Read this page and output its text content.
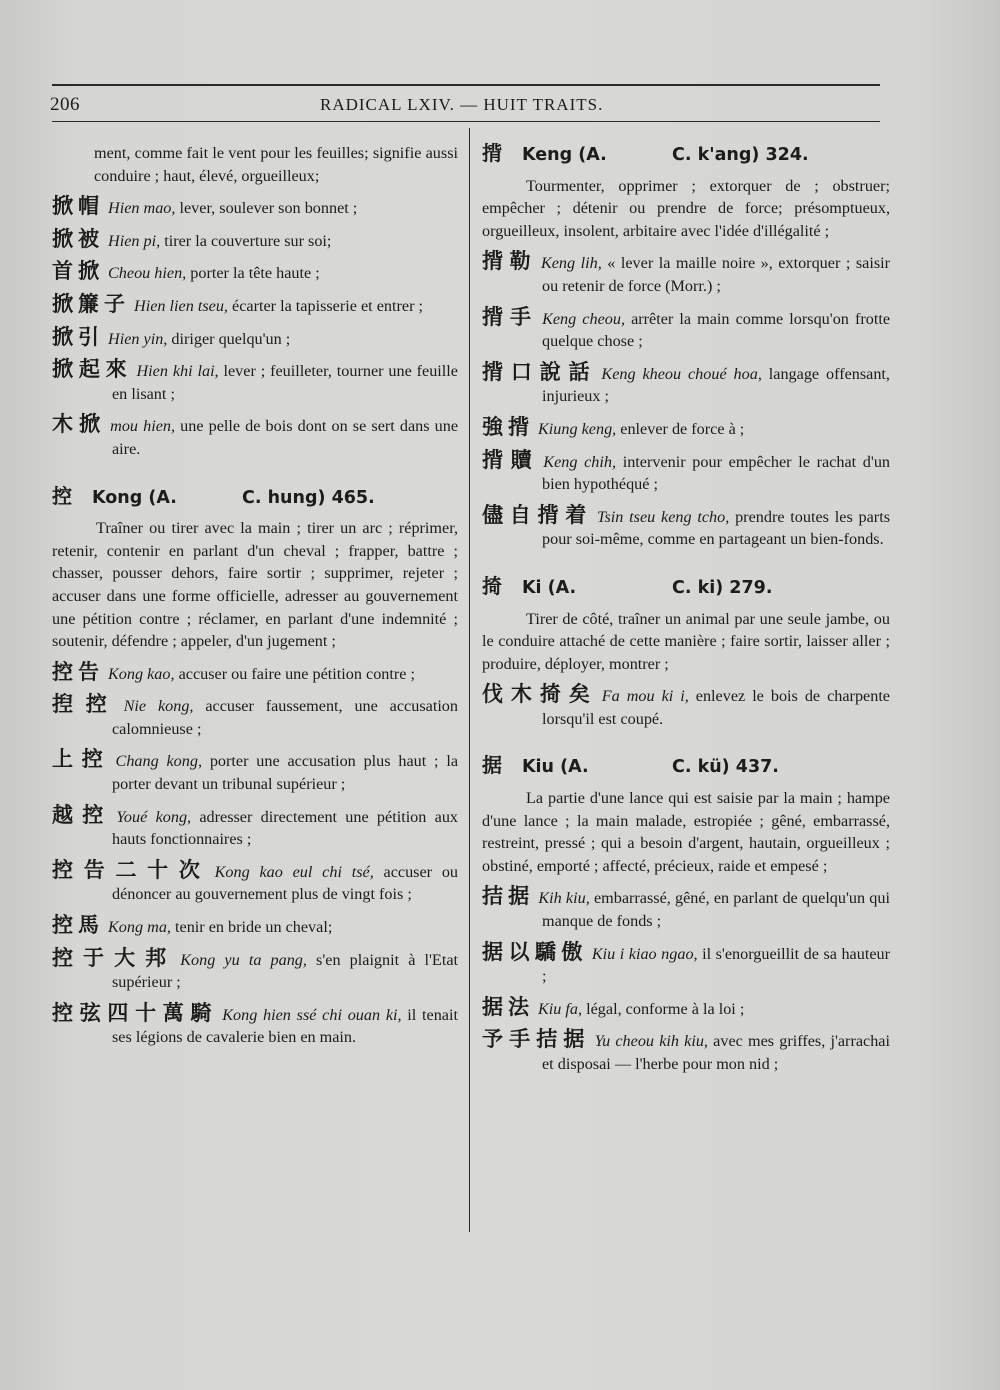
206	RADICAL LXIV. — HUIT TRAITS.
ment, comme fait le vent pour les feuilles; signifie aussi conduire ; haut, élevé, orgueilleux;
掀帽 Hien mao, lever, soulever son bonnet ;
掀被 Hien pi, tirer la couverture sur soi;
首掀 Cheou hien, porter la tête haute ;
掀簾子 Hien lien tseu, écarter la tapisserie et entrer ;
掀引 Hien yin, diriger quelqu'un ;
掀起來 Hien khi lai, lever ; feuilleter, tourner une feuille en lisant ;
木掀 mou hien, une pelle de bois dont on se sert dans une aire.
控 Kong (A.	C. hung) 465.
Traîner ou tirer avec la main ; tirer un arc ; réprimer, retenir, contenir en parlant d'un cheval ; frapper, battre ; chasser, pousser dehors, faire sortir ; supprimer, rejeter ; accuser dans une forme officielle, adresser au gouvernement une pétition contre ; réclamer, en parlant d'une indemnité ; soutenir, défendre ; appeler, d'un jugement ;
控告 Kong kao, accuser ou faire une pétition contre ;
揑控 Nie kong, accuser faussement, une accusation calomnieuse ;
上控 Chang kong, porter une accusation plus haut ; la porter devant un tribunal supérieur ;
越控 Youé kong, adresser directement une pétition aux hauts fonctionnaires ;
控告二十次 Kong kao eul chi tsé, accuser ou dénoncer au gouvernement plus de vingt fois ;
控馬 Kong ma, tenir en bride un cheval;
控于大邦 Kong yu ta pang, s'en plaignit à l'Etat supérieur ;
控弦四十萬騎 Kong hien ssé chi ouan ki, il tenait ses légions de cavalerie bien en main.
揹 Keng (A.	C. k'ang) 324.
Tourmenter, opprimer ; extorquer de ; obstruer; empêcher ; détenir ou prendre de force; présomptueux, orgueilleux, insolent, arbitaire avec l'idée d'illégalité ;
揹勒 Keng lih, « lever la maille noire », extorquer ; saisir ou retenir de force (Morr.) ;
揹手 Keng cheou, arrêter la main comme lorsqu'on frotte quelque chose ;
揹口說話 Keng kheou choué hoa, langage offensant, injurieux ;
強揹 Kiung keng, enlever de force à ;
揹贖 Keng chih, intervenir pour empêcher le rachat d'un bien hypothéqué ;
儘自揹着 Tsin tseu keng tcho, prendre toutes les parts pour soi-même, comme en partageant un bien-fonds.
掎 Ki (A.	C. ki) 279.
Tirer de côté, traîner un animal par une seule jambe, ou le conduire attaché de cette manière ; faire sortir, laisser aller ; produire, déployer, montrer ;
伐木掎矣 Fa mou ki i, enlevez le bois de charpente lorsqu'il est coupé.
据 Kiu (A.	C. kü) 437.
La partie d'une lance qui est saisie par la main ; hampe d'une lance ; la main malade, estropiée ; gêné, embarrassé, restreint, pressé ; qui a besoin d'argent, hautain, orgueilleux ; obstiné, emporté ; affecté, précieux, raide et empesé ;
拮据 Kih kiu, embarrassé, gêné, en parlant de quelqu'un qui manque de fonds ;
据以驕傲 Kiu i kiao ngao, il s'enorgueillit de sa hauteur ;
据法 Kiu fa, légal, conforme à la loi ;
予手拮据 Yu cheou kih kiu, avec mes griffes, j'arrachai et disposai — l'herbe pour mon nid ;
